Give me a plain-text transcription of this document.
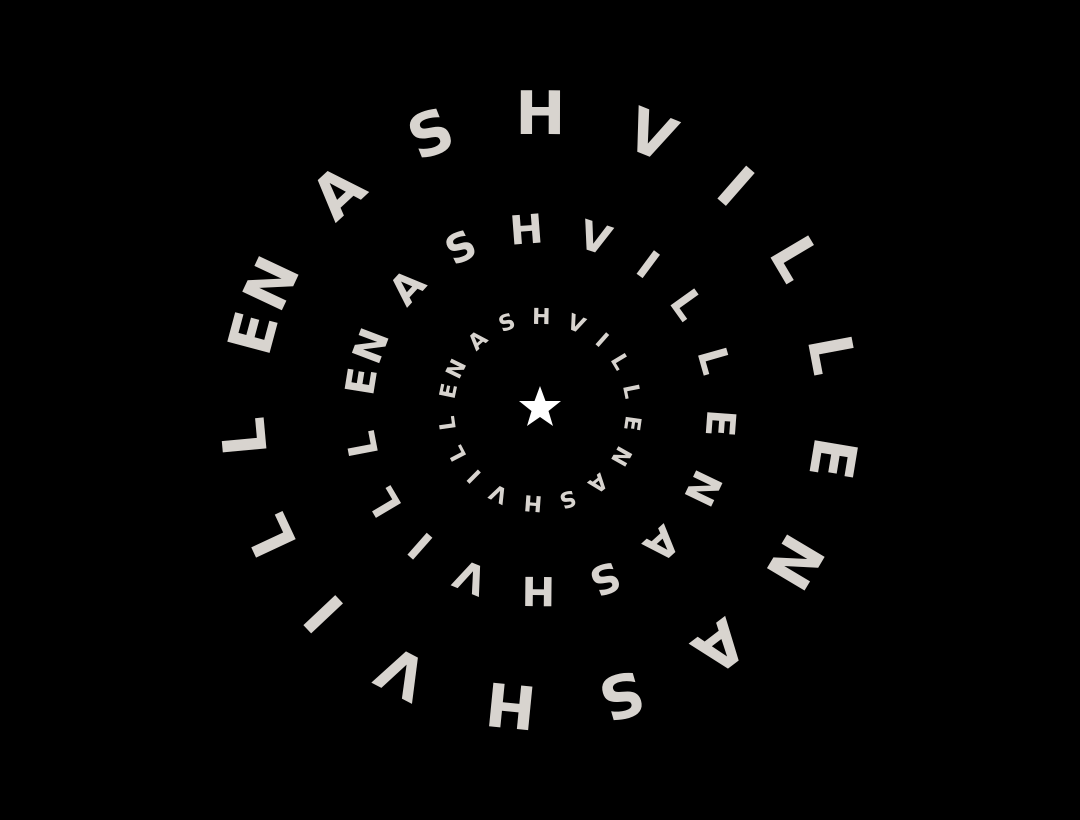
NASHVILLENASHVILLE	NASHVILLENASHVILLE	NASHVILLENASHVILLE
